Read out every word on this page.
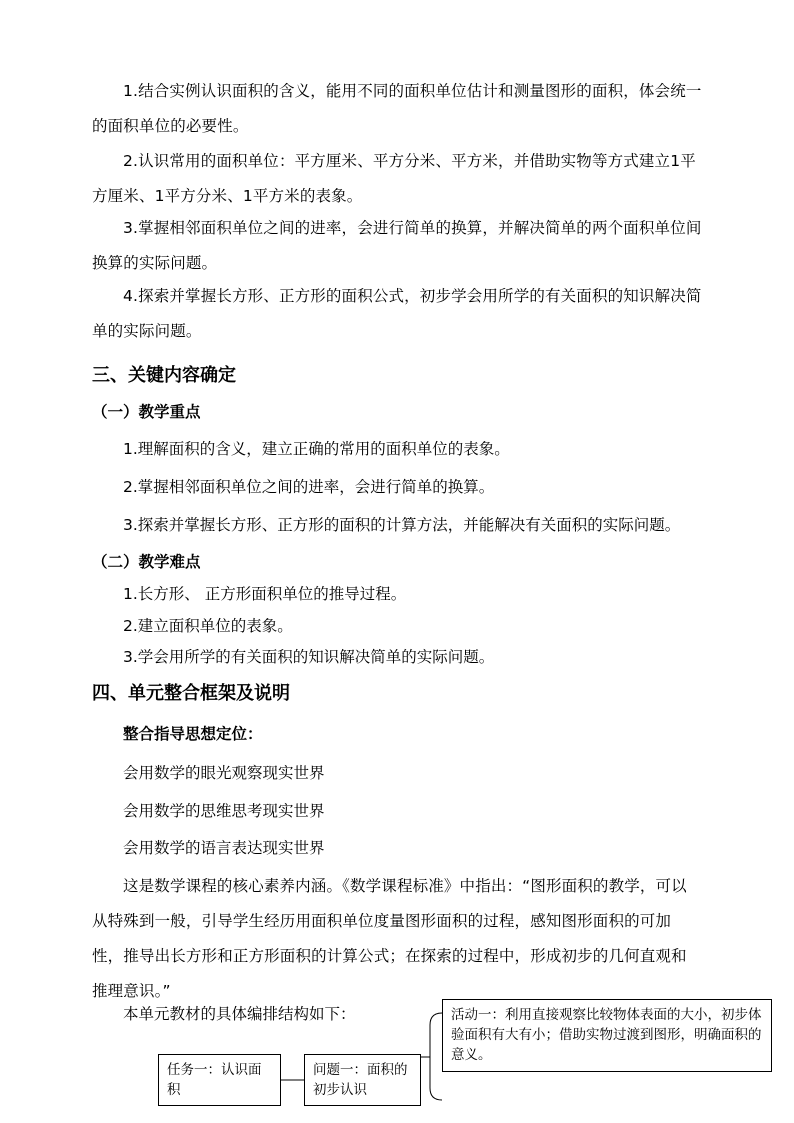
1.结合实例认识面积的含义，能用不同的面积单位估计和测量图形的面积，体会统一的面积单位的必要性。

2.认识常用的面积单位：平方厘米、平方分米、平方米，并借助实物等方式建立1平方厘米、1平方分米、1平方米的表象。

3.掌握相邻面积单位之间的进率，会进行简单的换算，并解决简单的两个面积单位间换算的实际问题。

4.探索并掌握长方形、正方形的面积公式，初步学会用所学的有关面积的知识解决简单的实际问题。

三、关键内容确定
（一）教学重点

1.理解面积的含义，建立正确的常用的面积单位的表象。

2.掌握相邻面积单位之间的进率，会进行简单的换算。

3.探索并掌握长方形、正方形的面积的计算方法，并能解决有关面积的实际问题。

（二）教学难点

1.长方形、 正方形面积单位的推导过程。

2.建立面积单位的表象。

3.学会用所学的有关面积的知识解决简单的实际问题。

四、单元整合框架及说明
整合指导思想定位：

会用数学的眼光观察现实世界

会用数学的思维思考现实世界

会用数学的语言表达现实世界

这是数学课程的核心素养内涵。《数学课程标准》中指出：“图形面积的教学，可以从特殊到一般，引导学生经历用面积单位度量图形面积的过程，感知图形面积的可加性，推导出长方形和正方形面积的计算公式；在探索的过程中，形成初步的几何直观和推理意识。”

本单元教材的具体编排结构如下：

任务一：认识面积
问题一：面积的初步认识
活动一：利用直接观察比较物体表面的大小，初步体验面积有大有小；借助实物过渡到图形，明确面积的意义。
